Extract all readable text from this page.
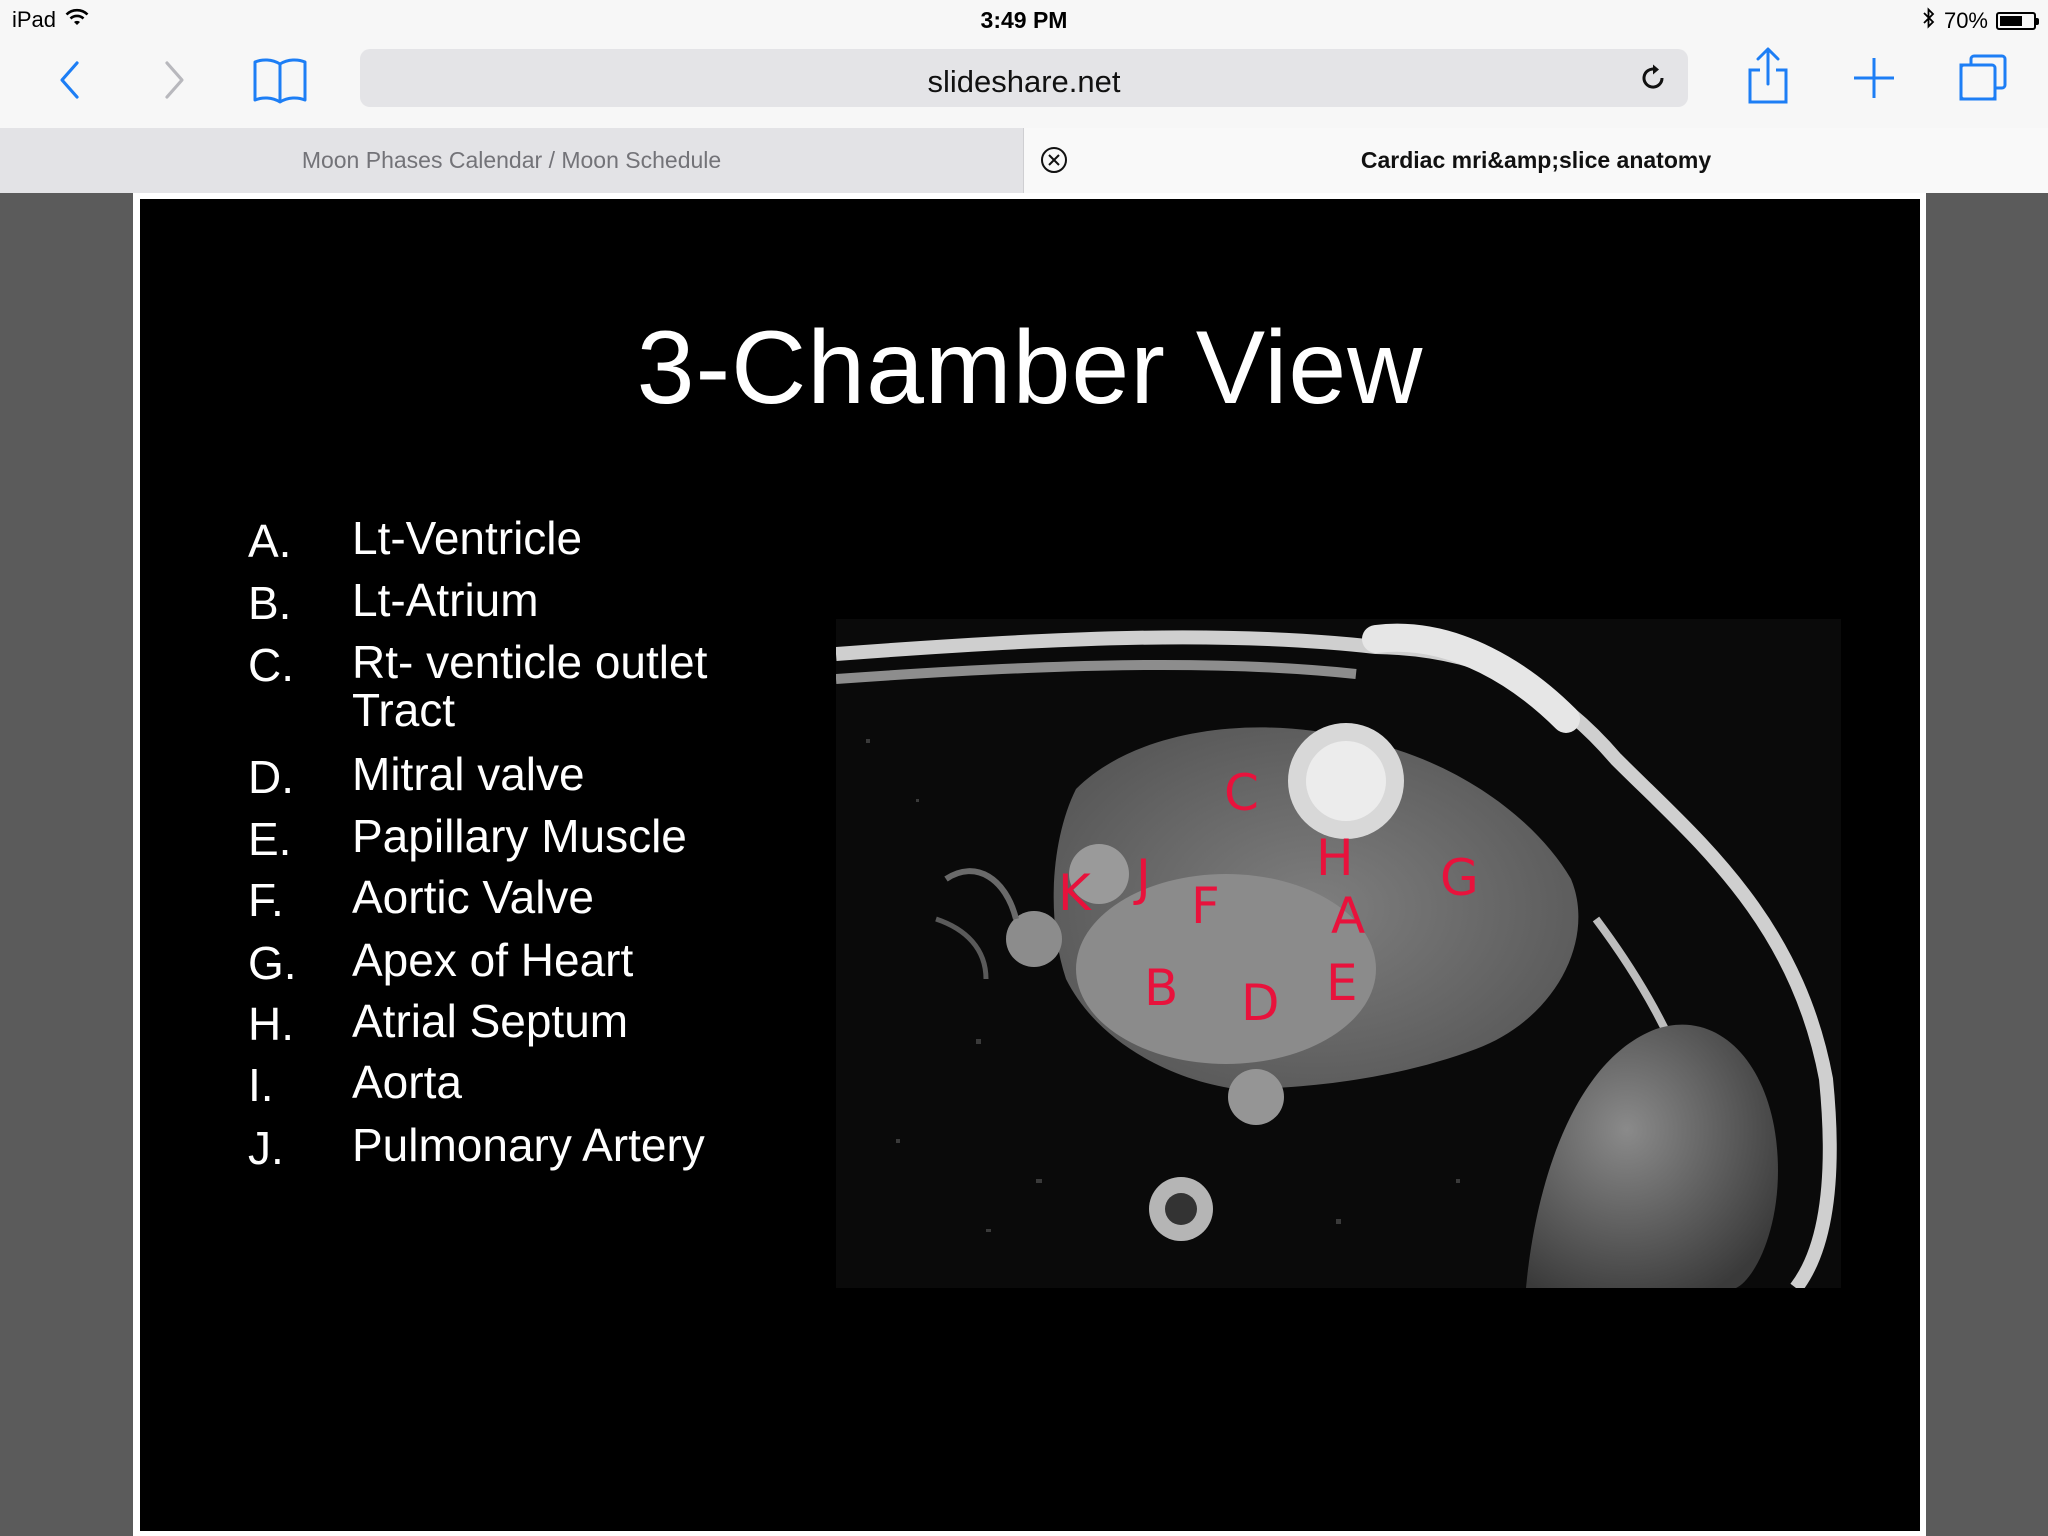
iPad	3:49 PM	70%
slideshare.net
Moon Phases Calendar / Moon Schedule	Cardiac mri&amp;slice anatomy
3-Chamber View
A. Lt-Ventricle
B. Lt-Atrium
C. Rt- venticle outlet Tract
D. Mitral valve
E. Papillary Muscle
F. Aortic Valve
G. Apex of Heart
H. Atrial Septum
I. Aorta
J. Pulmonary Artery
C
H
K J F A
G
B D E
